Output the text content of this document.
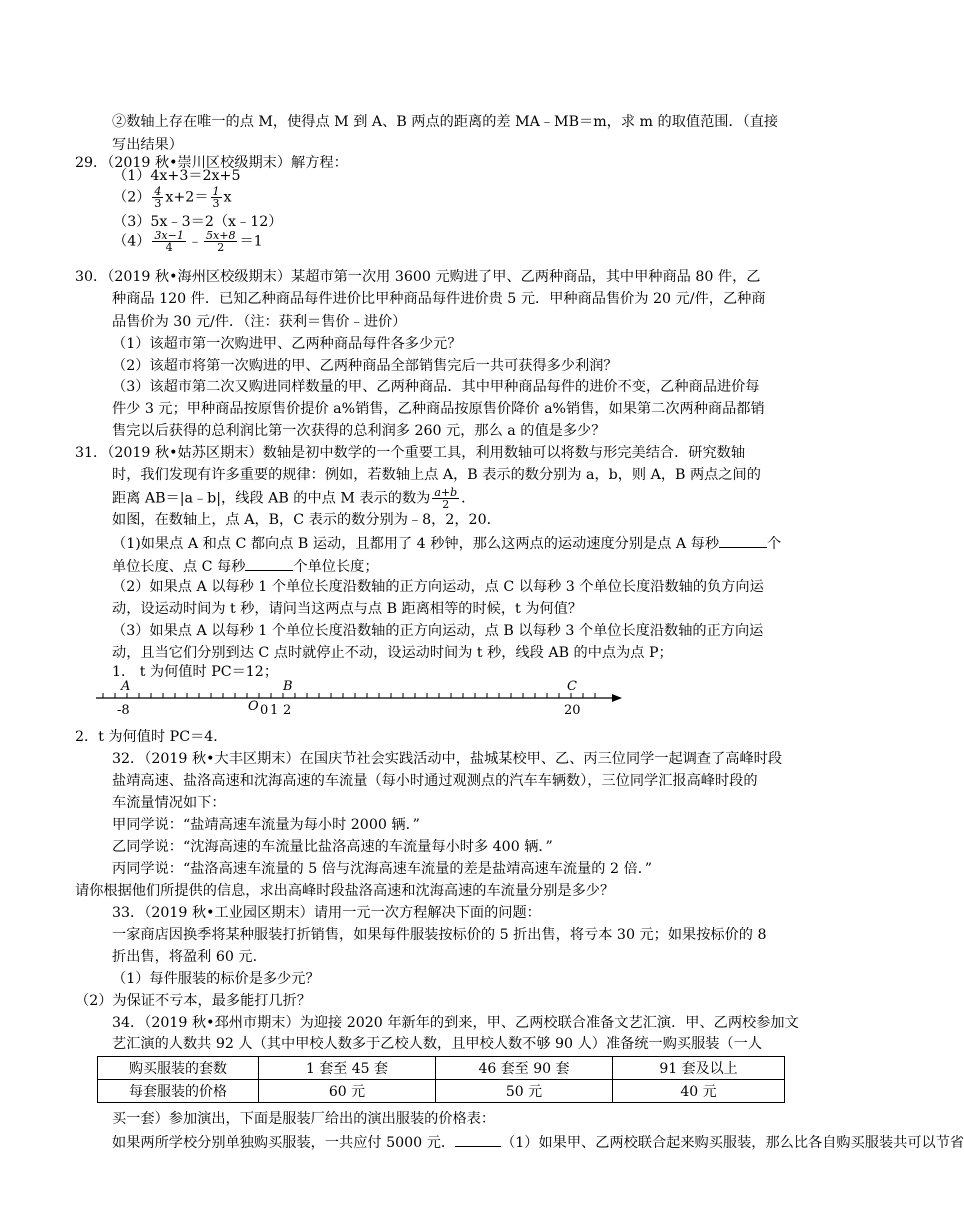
②数轴上存在唯一的点 M，使得点 M 到 A、B 两点的距离的差 MA﹣MB＝m，求 m 的取值范围．（直接
写出结果）
29．（2019 秋•崇川区校级期末）解方程：
（1）4x+3＝2x+5
$(2) \frac{4}{3} x+2= \frac{1}{3}$ x
（3）5x﹣3＝2（x﹣12）
$(4) \frac{3x-1}{4}$ ﹣ $\frac{5x+8}{2} =1$
30．（2019 秋•海州区校级期末）某超市第一次用 3600 元购进了甲、乙两种商品，其中甲种商品 80 件，乙
种商品 120 件．已知乙种商品每件进价比甲种商品每件进价贵 5 元．甲种商品售价为 20 元/件，乙种商
品售价为 30 元/件．（注：获利＝售价﹣进价）
（1）该超市第一次购进甲、乙两种商品每件各多少元？
（2）该超市将第一次购进的甲、乙两种商品全部销售完后一共可获得多少利润？
（3）该超市第二次又购进同样数量的甲、乙两种商品．其中甲种商品每件的进价不变，乙种商品进价每
件少 3 元；甲种商品按原售价提价 a%销售，乙种商品按原售价降价 a%销售，如果第二次两种商品都销
售完以后获得的总利润比第一次获得的总利润多 260 元，那么 a 的值是多少？
31．（2019 秋•姑苏区期末）数轴是初中数学的一个重要工具，利用数轴可以将数与形完美结合．研究数轴
时，我们发现有许多重要的规律：例如，若数轴上点 A，B 表示的数分别为 a，b，则 A，B 两点之间的
距离 AB＝|a﹣b|，线段 AB 的中点 M 表示的数为 $\frac{a+b}{2}$ ．
如图，在数轴上，点 A，B，C 表示的数分别为﹣8，2，20．
（1)如果点 A 和点 C 都向点 B 运动，且都用了 4 秒钟，那么这两点的运动速度分别是点 A 每秒	个
单位长度、点 C 每秒	个单位长度；
（2）如果点 A 以每秒 1 个单位长度沿数轴的正方向运动，点 C 以每秒 3 个单位长度沿数轴的负方向运
动，设运动时间为 t 秒，请问当这两点与点 B 距离相等的时候，t 为何值？
（3）如果点 A 以每秒 1 个单位长度沿数轴的正方向运动，点 B 以每秒 3 个单位长度沿数轴的正方向运
动，且当它们分别到达 C 点时就停止不动，设运动时间为 t 秒，线段 AB 的中点为点 P；
1． t 为何值时 PC＝12；
A
O
B	C
-8	0 1 2	20
2．t 为何值时 PC＝4．
32．（2019 秋•大丰区期末）在国庆节社会实践活动中，盐城某校甲、乙、丙三位同学一起调查了高峰时段
盐靖高速、盐洛高速和沈海高速的车流量（每小时通过观测点的汽车车辆数），三位同学汇报高峰时段的
车流量情况如下：
甲同学说：“盐靖高速车流量为每小时 2000 辆．”
乙同学说：“沈海高速的车流量比盐洛高速的车流量每小时多 400 辆．”
丙同学说：“盐洛高速车流量的 5 倍与沈海高速车流量的差是盐靖高速车流量的 2 倍．”
请你根据他们所提供的信息，求出高峰时段盐洛高速和沈海高速的车流量分别是多少？
33．（2019 秋•工业园区期末）请用一元一次方程解决下面的问题：
一家商店因换季将某种服装打折销售，如果每件服装按标价的 5 折出售，将亏本 30 元；如果按标价的 8
折出售，将盈利 60 元．
（1）每件服装的标价是多少元？
（2）为保证不亏本，最多能打几折？
34．（2019 秋•邳州市期末）为迎接 2020 年新年的到来，甲、乙两校联合准备文艺汇演．甲、乙两校参加文
艺汇演的人数共 92 人（其中甲校人数多于乙校人数，且甲校人数不够 90 人）准备统一购买服装（一人
购买服装的套数	1 套至 45 套	46 套至 90 套	91 套及以上
每套服装的价格	60 元	50 元	40 元
买一套）参加演出，下面是服装厂给出的演出服装的价格表：
如果两所学校分别单独购买服装，一共应付 5000 元．	（1）如果甲、乙两校联合起来购买服装，那么比各自购买服装共可以节省
